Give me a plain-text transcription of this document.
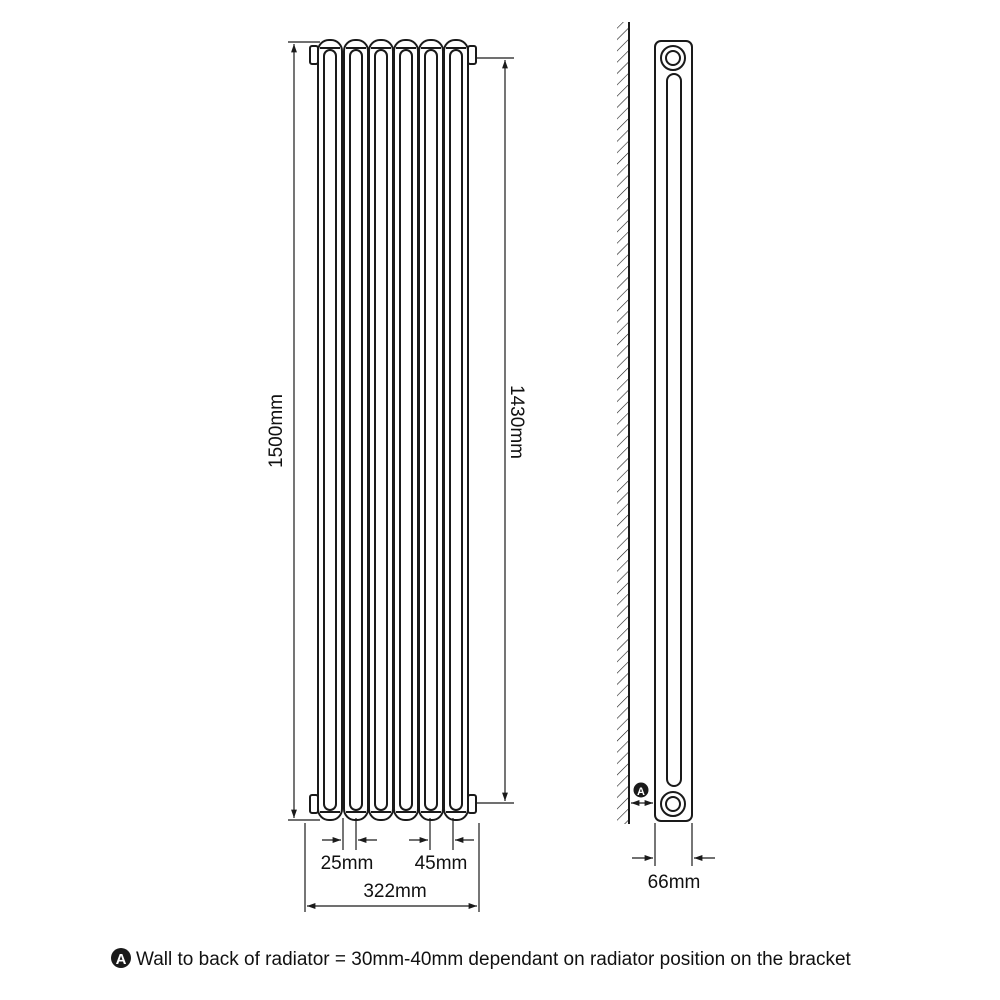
1500mm	1430mm
25mm 45mm
322mm
A
66mm
A Wall to back of radiator = 30mm-40mm dependant on radiator position on the bracket
